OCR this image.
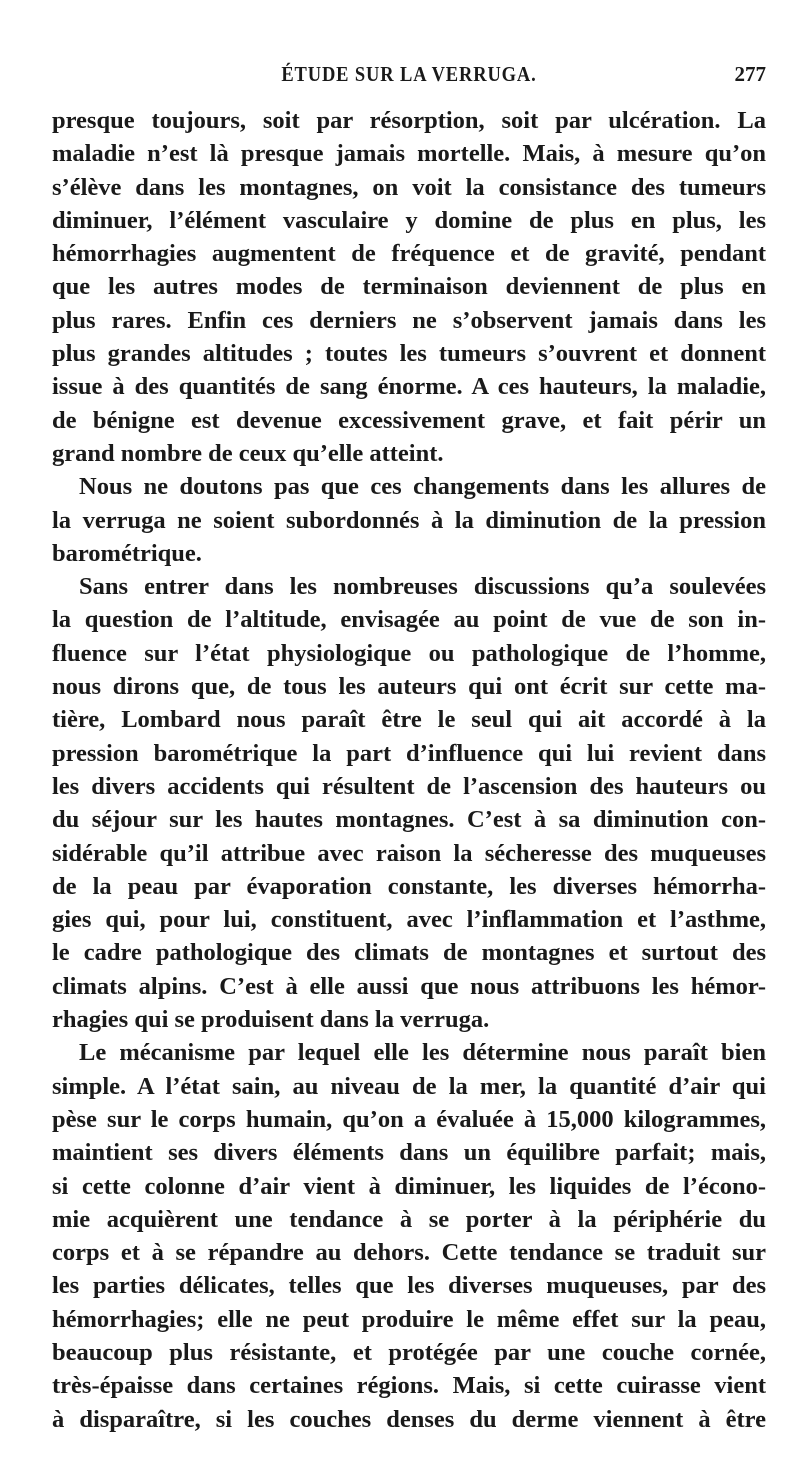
ÉTUDE SUR LA VERRUGA.	277
presque toujours, soit par résorption, soit par ulcération. La
maladie n’est là presque jamais mortelle. Mais, à mesure qu’on
s’élève dans les montagnes, on voit la consistance des tumeurs
diminuer, l’élément vasculaire y domine de plus en plus, les
hémorrhagies augmentent de fréquence et de gravité, pendant
que les autres modes de terminaison deviennent de plus en
plus rares. Enfin ces derniers ne s’observent jamais dans les
plus grandes altitudes ; toutes les tumeurs s’ouvrent et donnent
issue à des quantités de sang énorme. A ces hauteurs, la maladie,
de bénigne est devenue excessivement grave, et fait périr un
grand nombre de ceux qu’elle atteint.
Nous ne doutons pas que ces changements dans les allures de
la verruga ne soient subordonnés à la diminution de la pression
barométrique.
Sans entrer dans les nombreuses discussions qu’a soulevées
la question de l’altitude, envisagée au point de vue de son in-
fluence sur l’état physiologique ou pathologique de l’homme,
nous dirons que, de tous les auteurs qui ont écrit sur cette ma-
tière, Lombard nous paraît être le seul qui ait accordé à la
pression barométrique la part d’influence qui lui revient dans
les divers accidents qui résultent de l’ascension des hauteurs ou
du séjour sur les hautes montagnes. C’est à sa diminution con-
sidérable qu’il attribue avec raison la sécheresse des muqueuses
de la peau par évaporation constante, les diverses hémorrha-
gies qui, pour lui, constituent, avec l’inflammation et l’asthme,
le cadre pathologique des climats de montagnes et surtout des
climats alpins. C’est à elle aussi que nous attribuons les hémor-
rhagies qui se produisent dans la verruga.
Le mécanisme par lequel elle les détermine nous paraît bien
simple. A l’état sain, au niveau de la mer, la quantité d’air qui
pèse sur le corps humain, qu’on a évaluée à 15,000 kilogrammes,
maintient ses divers éléments dans un équilibre parfait; mais,
si cette colonne d’air vient à diminuer, les liquides de l’écono-
mie acquièrent une tendance à se porter à la périphérie du
corps et à se répandre au dehors. Cette tendance se traduit sur
les parties délicates, telles que les diverses muqueuses, par des
hémorrhagies; elle ne peut produire le même effet sur la peau,
beaucoup plus résistante, et protégée par une couche cornée,
très-épaisse dans certaines régions. Mais, si cette cuirasse vient
à disparaître, si les couches denses du derme viennent à être
